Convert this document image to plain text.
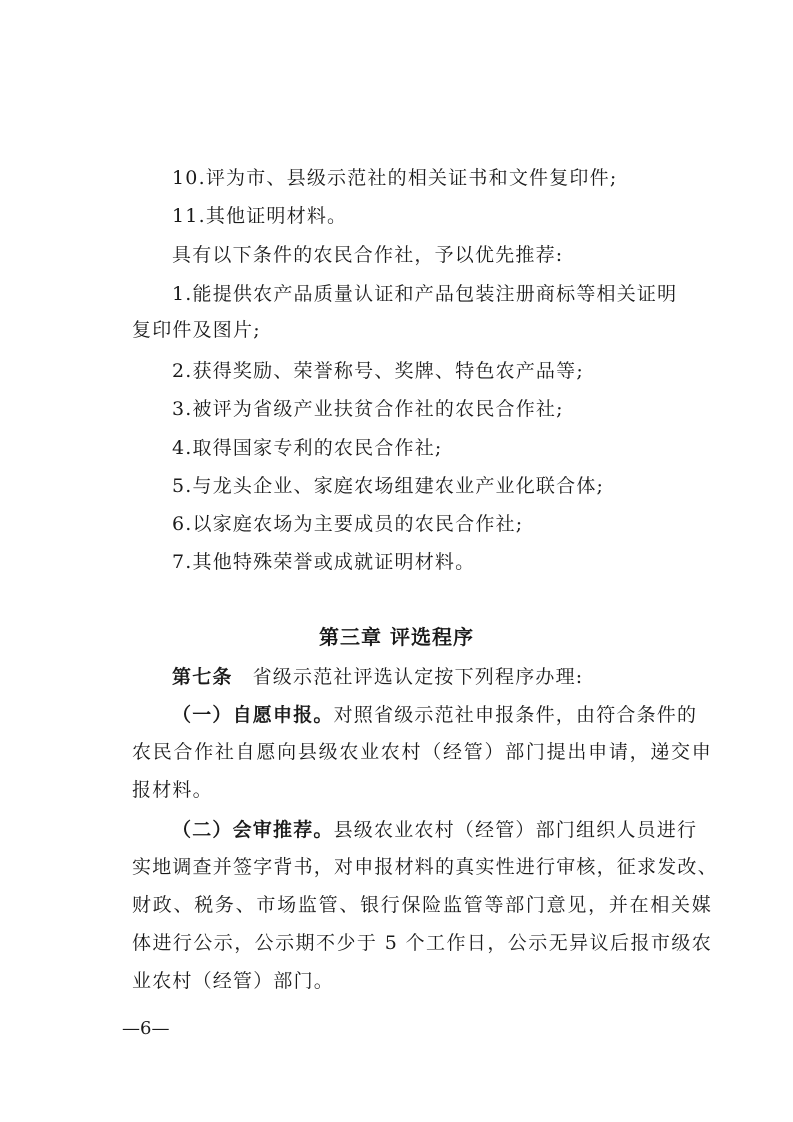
10.评为市、县级示范社的相关证书和文件复印件;
11.其他证明材料。
具有以下条件的农民合作社，予以优先推荐:
1.能提供农产品质量认证和产品包装注册商标等相关证明
复印件及图片;
2.获得奖励、荣誉称号、奖牌、特色农产品等;
3.被评为省级产业扶贫合作社的农民合作社;
4.取得国家专利的农民合作社;
5.与龙头企业、家庭农场组建农业产业化联合体;
6.以家庭农场为主要成员的农民合作社;
7.其他特殊荣誉或成就证明材料。
第三章 评选程序
第七条 省级示范社评选认定按下列程序办理:
（一）自愿申报。对照省级示范社申报条件，由符合条件的
农民合作社自愿向县级农业农村（经管）部门提出申请，递交申
报材料。
（二）会审推荐。县级农业农村（经管）部门组织人员进行
实地调查并签字背书，对申报材料的真实性进行审核，征求发改、
财政、税务、市场监管、银行保险监管等部门意见，并在相关媒
体进行公示，公示期不少于 5 个工作日，公示无异议后报市级农
业农村（经管）部门。
—6—
